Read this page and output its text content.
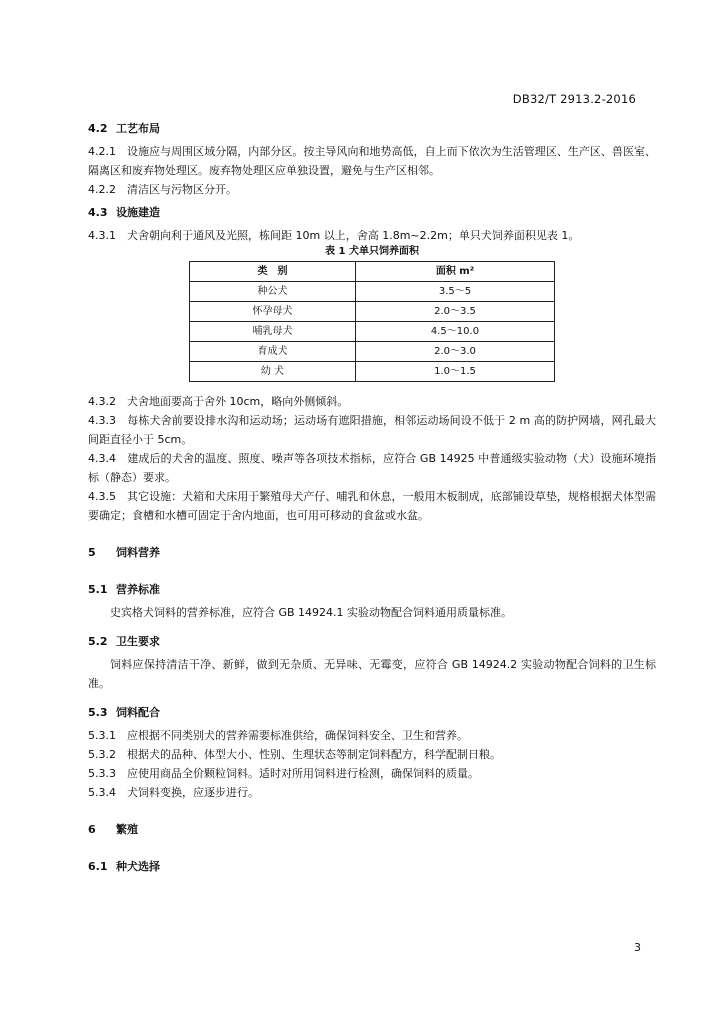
DB32/T 2913.2-2016

4.2 工艺布局

4.2.1　 设施应与周围区域分隔，内部分区。按主导风向和地势高低，自上而下依次为生活管理区、生产区、兽医室、隔离区和废弃物处理区。废弃物处理区应单独设置，避免与生产区相邻。

4.2.2　 清洁区与污物区分开。

4.3 设施建造

4.3.1　 犬舍朝向利于通风及光照，栋间距 10m 以上，舍高 1.8m~2.2m；单只犬饲养面积见表 1。

表 1 犬单只饲养面积

类　别	面积 m²
种公犬	3.5～5
怀孕母犬	2.0～3.5
哺乳母犬	4.5～10.0
育成犬	2.0～3.0
幼 犬	1.0～1.5

4.3.2　 犬舍地面要高于舍外 10cm，略向外侧倾斜。

4.3.3　 每栋犬舍前要设排水沟和运动场；运动场有遮阳措施，相邻运动场间设不低于 2 m 高的防护网墙，网孔最大间距直径小于 5cm。

4.3.4　 建成后的犬舍的温度、照度、噪声等各项技术指标，应符合 GB 14925 中普通级实验动物（犬）设施环境指标（静态）要求。

4.3.5　 其它设施：犬箱和犬床用于繁殖母犬产仔、哺乳和休息，一般用木板制成，底部铺设草垫，规格根据犬体型需要确定；食槽和水槽可固定于舍内地面，也可用可移动的食盆或水盆。

5 饲料营养

5.1 营养标准

史宾格犬饲料的营养标准，应符合 GB 14924.1 实验动物配合饲料通用质量标准。

5.2 卫生要求

饲料应保持清洁干净、新鲜，做到无杂质、无异味、无霉变，应符合 GB 14924.2 实验动物配合饲料的卫生标准。

5.3 饲料配合

5.3.1　 应根据不同类别犬的营养需要标准供给，确保饲料安全、卫生和营养。

5.3.2　 根据犬的品种、体型大小、性别、生理状态等制定饲料配方，科学配制日粮。

5.3.3　 应使用商品全价颗粒饲料。适时对所用饲料进行检测，确保饲料的质量。

5.3.4　 犬饲料变换，应逐步进行。

6 繁殖

6.1 种犬选择

3
